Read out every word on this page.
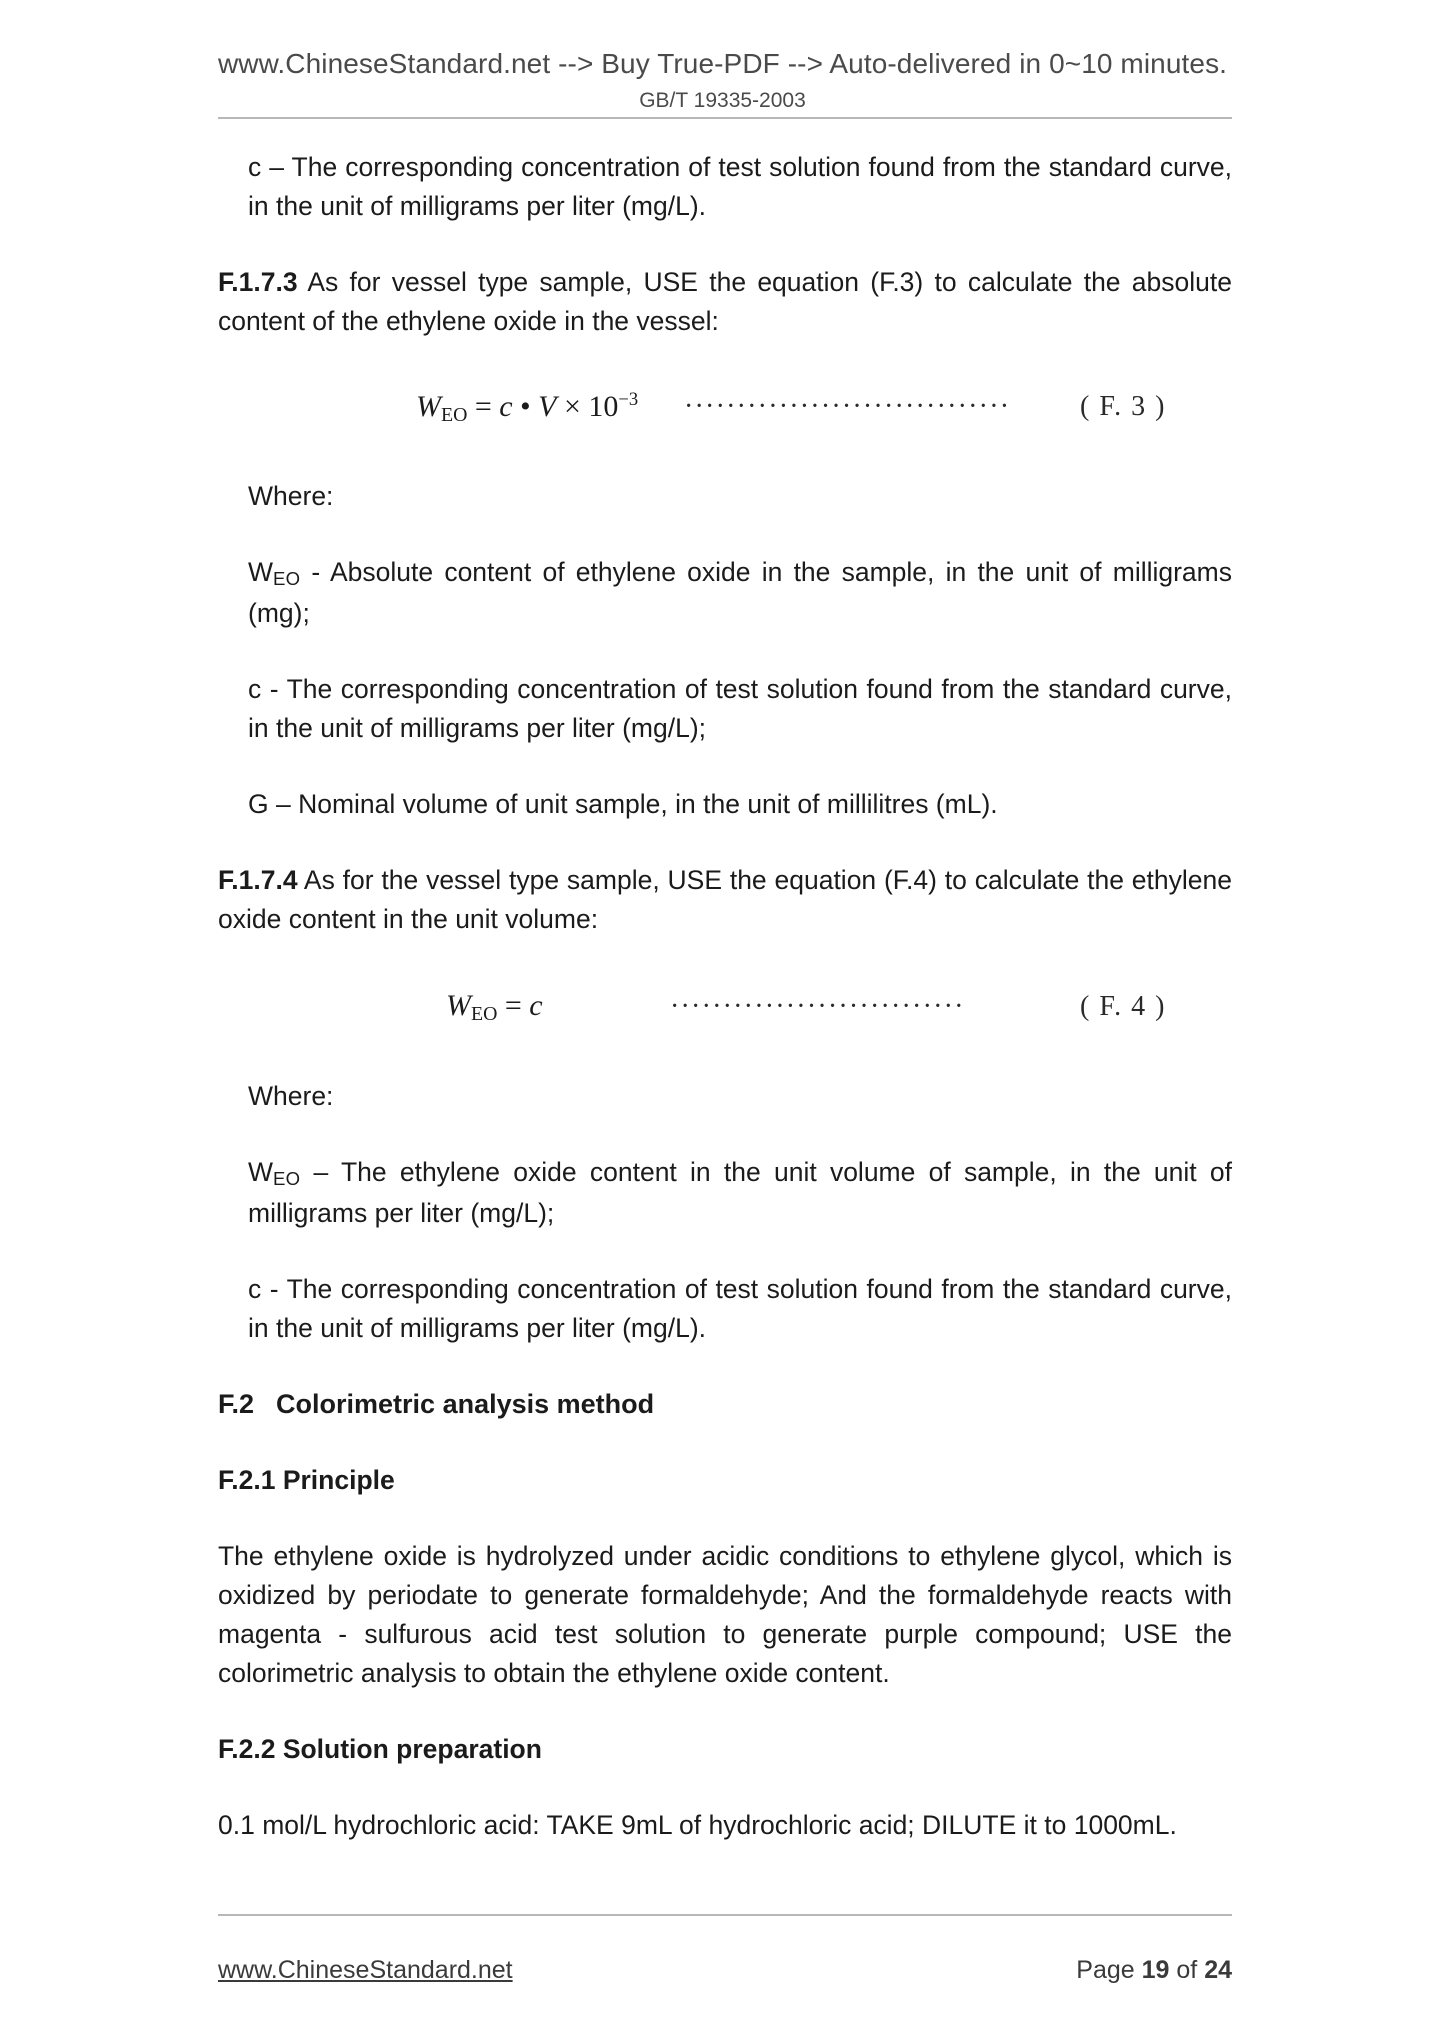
www.ChineseStandard.net --> Buy True-PDF --> Auto-delivered in 0~10 minutes.
GB/T 19335-2003

c – The corresponding concentration of test solution found from the standard curve, in the unit of milligrams per liter (mg/L).

F.1.7.3 As for vessel type sample, USE the equation (F.3) to calculate the absolute content of the ethylene oxide in the vessel:

WEO = c • $V \times 10^{-3}$ ······························· ( F. 3 )

Where:

$W_{EO}$ - Absolute content of ethylene oxide in the sample, in the unit of milligrams (mg);

c - The corresponding concentration of test solution found from the standard curve, in the unit of milligrams per liter (mg/L);

G – Nominal volume of unit sample, in the unit of millilitres (mL).

F.1.7.4 As for the vessel type sample, USE the equation (F.4) to calculate the ethylene oxide content in the unit volume:

WEO = c	····························	( F. 4 )

Where:

$W_{EO}$ – The ethylene oxide content in the unit volume of sample, in the unit of milligrams per liter (mg/L);

c - The corresponding concentration of test solution found from the standard curve, in the unit of milligrams per liter (mg/L).

F.2 Colorimetric analysis method

F.2.1 Principle

The ethylene oxide is hydrolyzed under acidic conditions to ethylene glycol, which is oxidized by periodate to generate formaldehyde; And the formaldehyde reacts with magenta - sulfurous acid test solution to generate purple compound; USE the colorimetric analysis to obtain the ethylene oxide content.

F.2.2 Solution preparation

0.1 mol/L hydrochloric acid: TAKE 9mL of hydrochloric acid; DILUTE it to 1000mL.

www.ChineseStandard.net	Page 19 of 24
